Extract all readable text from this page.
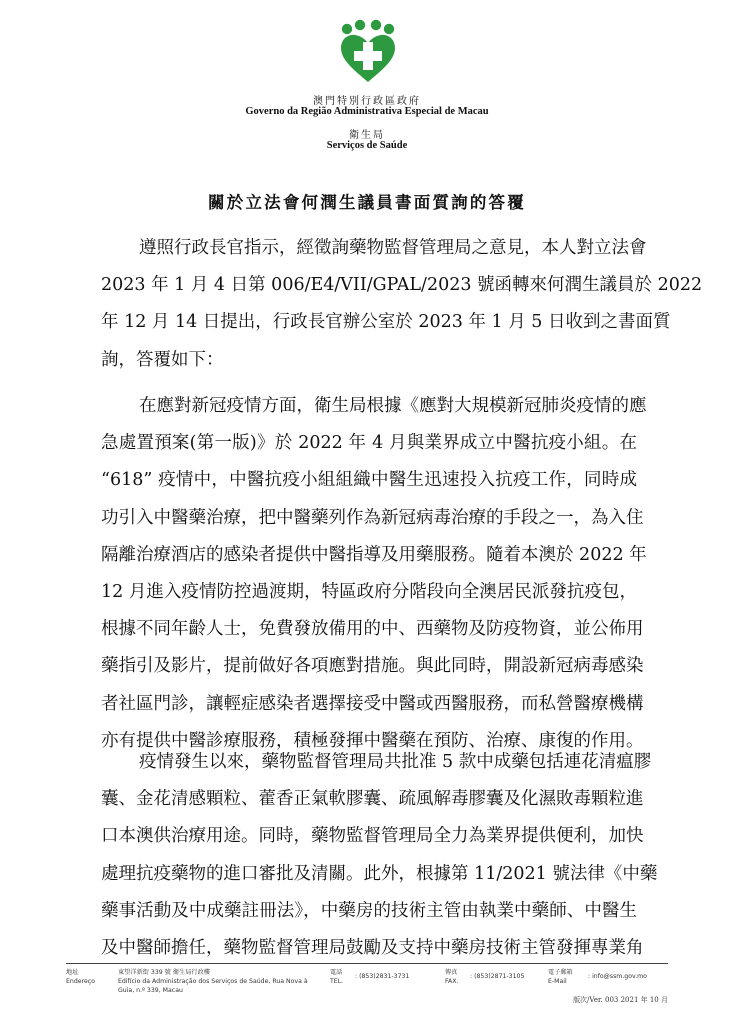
澳門特別行政區政府
Governo da Região Administrativa Especial de Macau
衛生局
Serviços de Saúde
關於立法會何潤生議員書面質詢的答覆
遵照行政長官指示，經徵詢藥物監督管理局之意見，本人對立法會
2023 年 1 月 4 日第 006/E4/VII/GPAL/2023 號函轉來何潤生議員於 2022
年 12 月 14 日提出，行政長官辦公室於 2023 年 1 月 5 日收到之書面質
詢，答覆如下：
在應對新冠疫情方面，衛生局根據《應對大規模新冠肺炎疫情的應
急處置預案(第一版)》於 2022 年 4 月與業界成立中醫抗疫小組。在
“618” 疫情中，中醫抗疫小組組織中醫生迅速投入抗疫工作，同時成
功引入中醫藥治療，把中醫藥列作為新冠病毒治療的手段之一，為入住
隔離治療酒店的感染者提供中醫指導及用藥服務。隨着本澳於 2022 年
12 月進入疫情防控過渡期，特區政府分階段向全澳居民派發抗疫包，
根據不同年齡人士，免費發放備用的中、西藥物及防疫物資，並公佈用
藥指引及影片，提前做好各項應對措施。與此同時，開設新冠病毒感染
者社區門診，讓輕症感染者選擇接受中醫或西醫服務，而私營醫療機構
亦有提供中醫診療服務，積極發揮中醫藥在預防、治療、康復的作用。
疫情發生以來，藥物監督管理局共批准 5 款中成藥包括連花清瘟膠
囊、金花清感顆粒、藿香正氣軟膠囊、疏風解毒膠囊及化濕敗毒顆粒進
口本澳供治療用途。同時，藥物監督管理局全力為業界提供便利，加快
處理抗疫藥物的進口審批及清關。此外，根據第 11/2021 號法律《中藥
藥事活動及中成藥註冊法》，中藥房的技術主管由執業中藥師、中醫生
及中醫師擔任，藥物監督管理局鼓勵及支持中藥房技術主管發揮專業角
地址
Endereço
東望洋新街 339 號 衛生局行政樓
Edifício da Administração dos Serviços de Saúde, Rua Nova à
Guia, n.º 339, Macau
電話
TEL.
: (853)2831-3731
傳真
FAX.
: (853)2871-3105
電子郵箱
E-Mail
: info@ssm.gov.mo
版次/Ver. 003 2021 年 10 月
